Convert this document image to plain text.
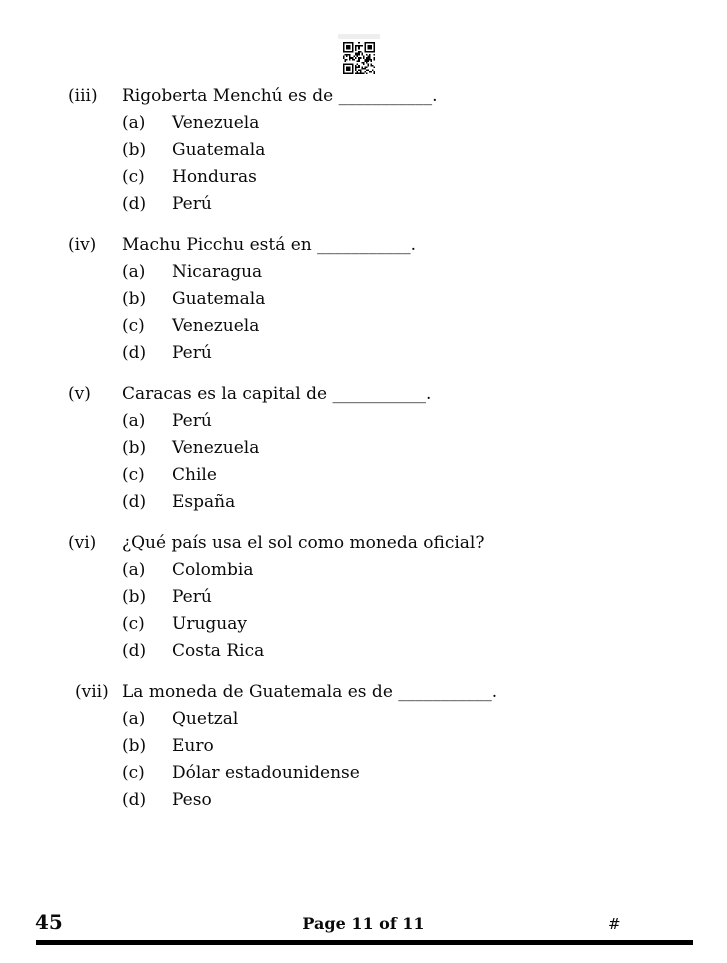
(iii)	Rigoberta Menchú es de ___________.
(a)	Venezuela
(b)	Guatemala
(c)	Honduras
(d)	Perú
(iv)	Machu Picchu está en ___________.
(a)	Nicaragua
(b)	Guatemala
(c)	Venezuela
(d)	Perú
(v)	Caracas es la capital de ___________.
(a)	Perú
(b)	Venezuela
(c)	Chile
(d)	España
(vi)	¿Qué país usa el sol como moneda oficial?
(a)	Colombia
(b)	Perú
(c)	Uruguay
(d)	Costa Rica
(vii) La moneda de Guatemala es de ___________.
(a)	Quetzal
(b)	Euro
(c)	Dólar estadounidense
(d)	Peso
45	Page 11 of 11	#
